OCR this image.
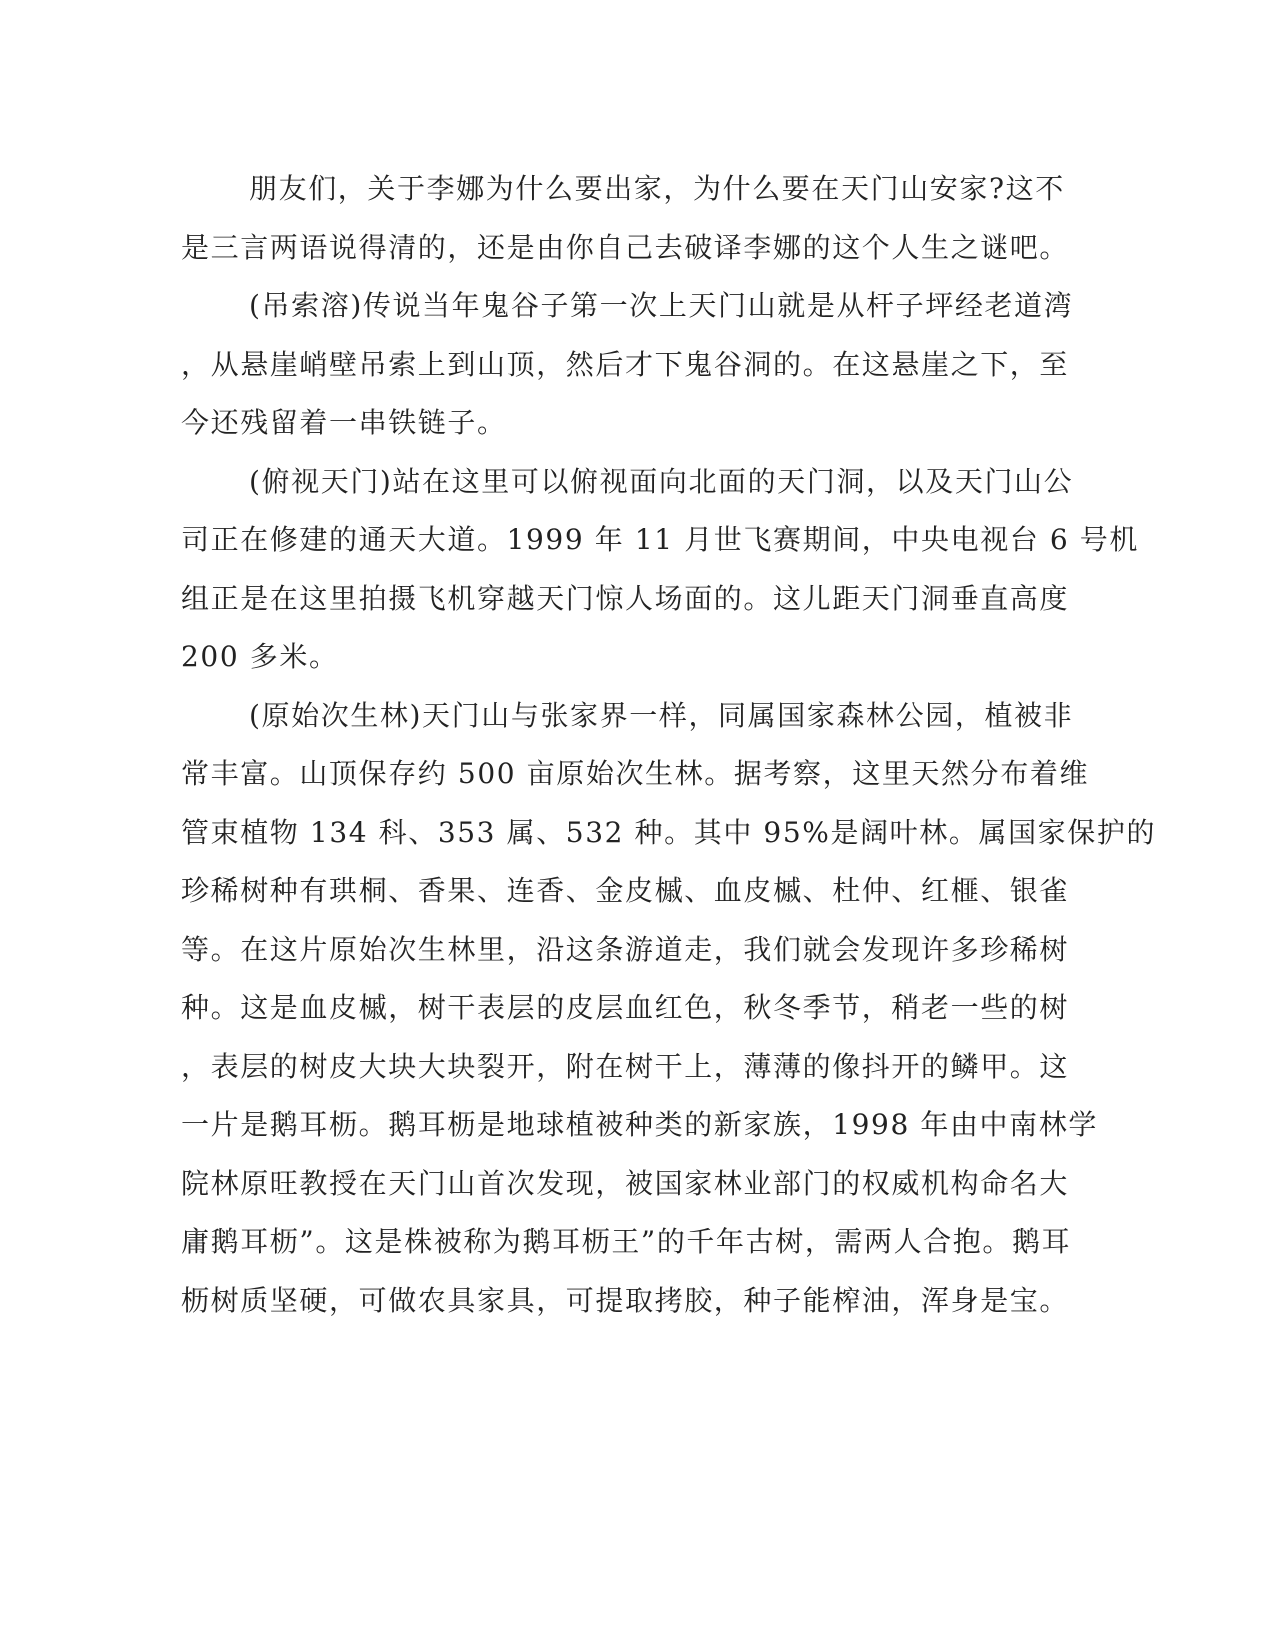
朋友们，关于李娜为什么要出家，为什么要在天门山安家?这不
是三言两语说得清的，还是由你自己去破译李娜的这个人生之谜吧。
(吊索溶)传说当年鬼谷子第一次上天门山就是从杆子坪经老道湾
，从悬崖峭壁吊索上到山顶，然后才下鬼谷洞的。在这悬崖之下，至
今还残留着一串铁链子。
(俯视天门)站在这里可以俯视面向北面的天门洞，以及天门山公
司正在修建的通天大道。1999 年 11 月世飞赛期间，中央电视台 6 号机
组正是在这里拍摄飞机穿越天门惊人场面的。这儿距天门洞垂直高度
200 多米。
(原始次生林)天门山与张家界一样，同属国家森林公园，植被非
常丰富。山顶保存约 500 亩原始次生林。据考察，这里天然分布着维
管束植物 134 科、353 属、532 种。其中 95%是阔叶林。属国家保护的
珍稀树种有珙桐、香果、连香、金皮槭、血皮槭、杜仲、红榧、银雀
等。在这片原始次生林里，沿这条游道走，我们就会发现许多珍稀树
种。这是血皮槭，树干表层的皮层血红色，秋冬季节，稍老一些的树
，表层的树皮大块大块裂开，附在树干上，薄薄的像抖开的鳞甲。这
一片是鹅耳枥。鹅耳枥是地球植被种类的新家族，1998 年由中南林学
院林原旺教授在天门山首次发现，被国家林业部门的权威机构命名大
庸鹅耳枥”。这是株被称为鹅耳枥王”的千年古树，需两人合抱。鹅耳
枥树质坚硬，可做农具家具，可提取拷胶，种子能榨油，浑身是宝。
